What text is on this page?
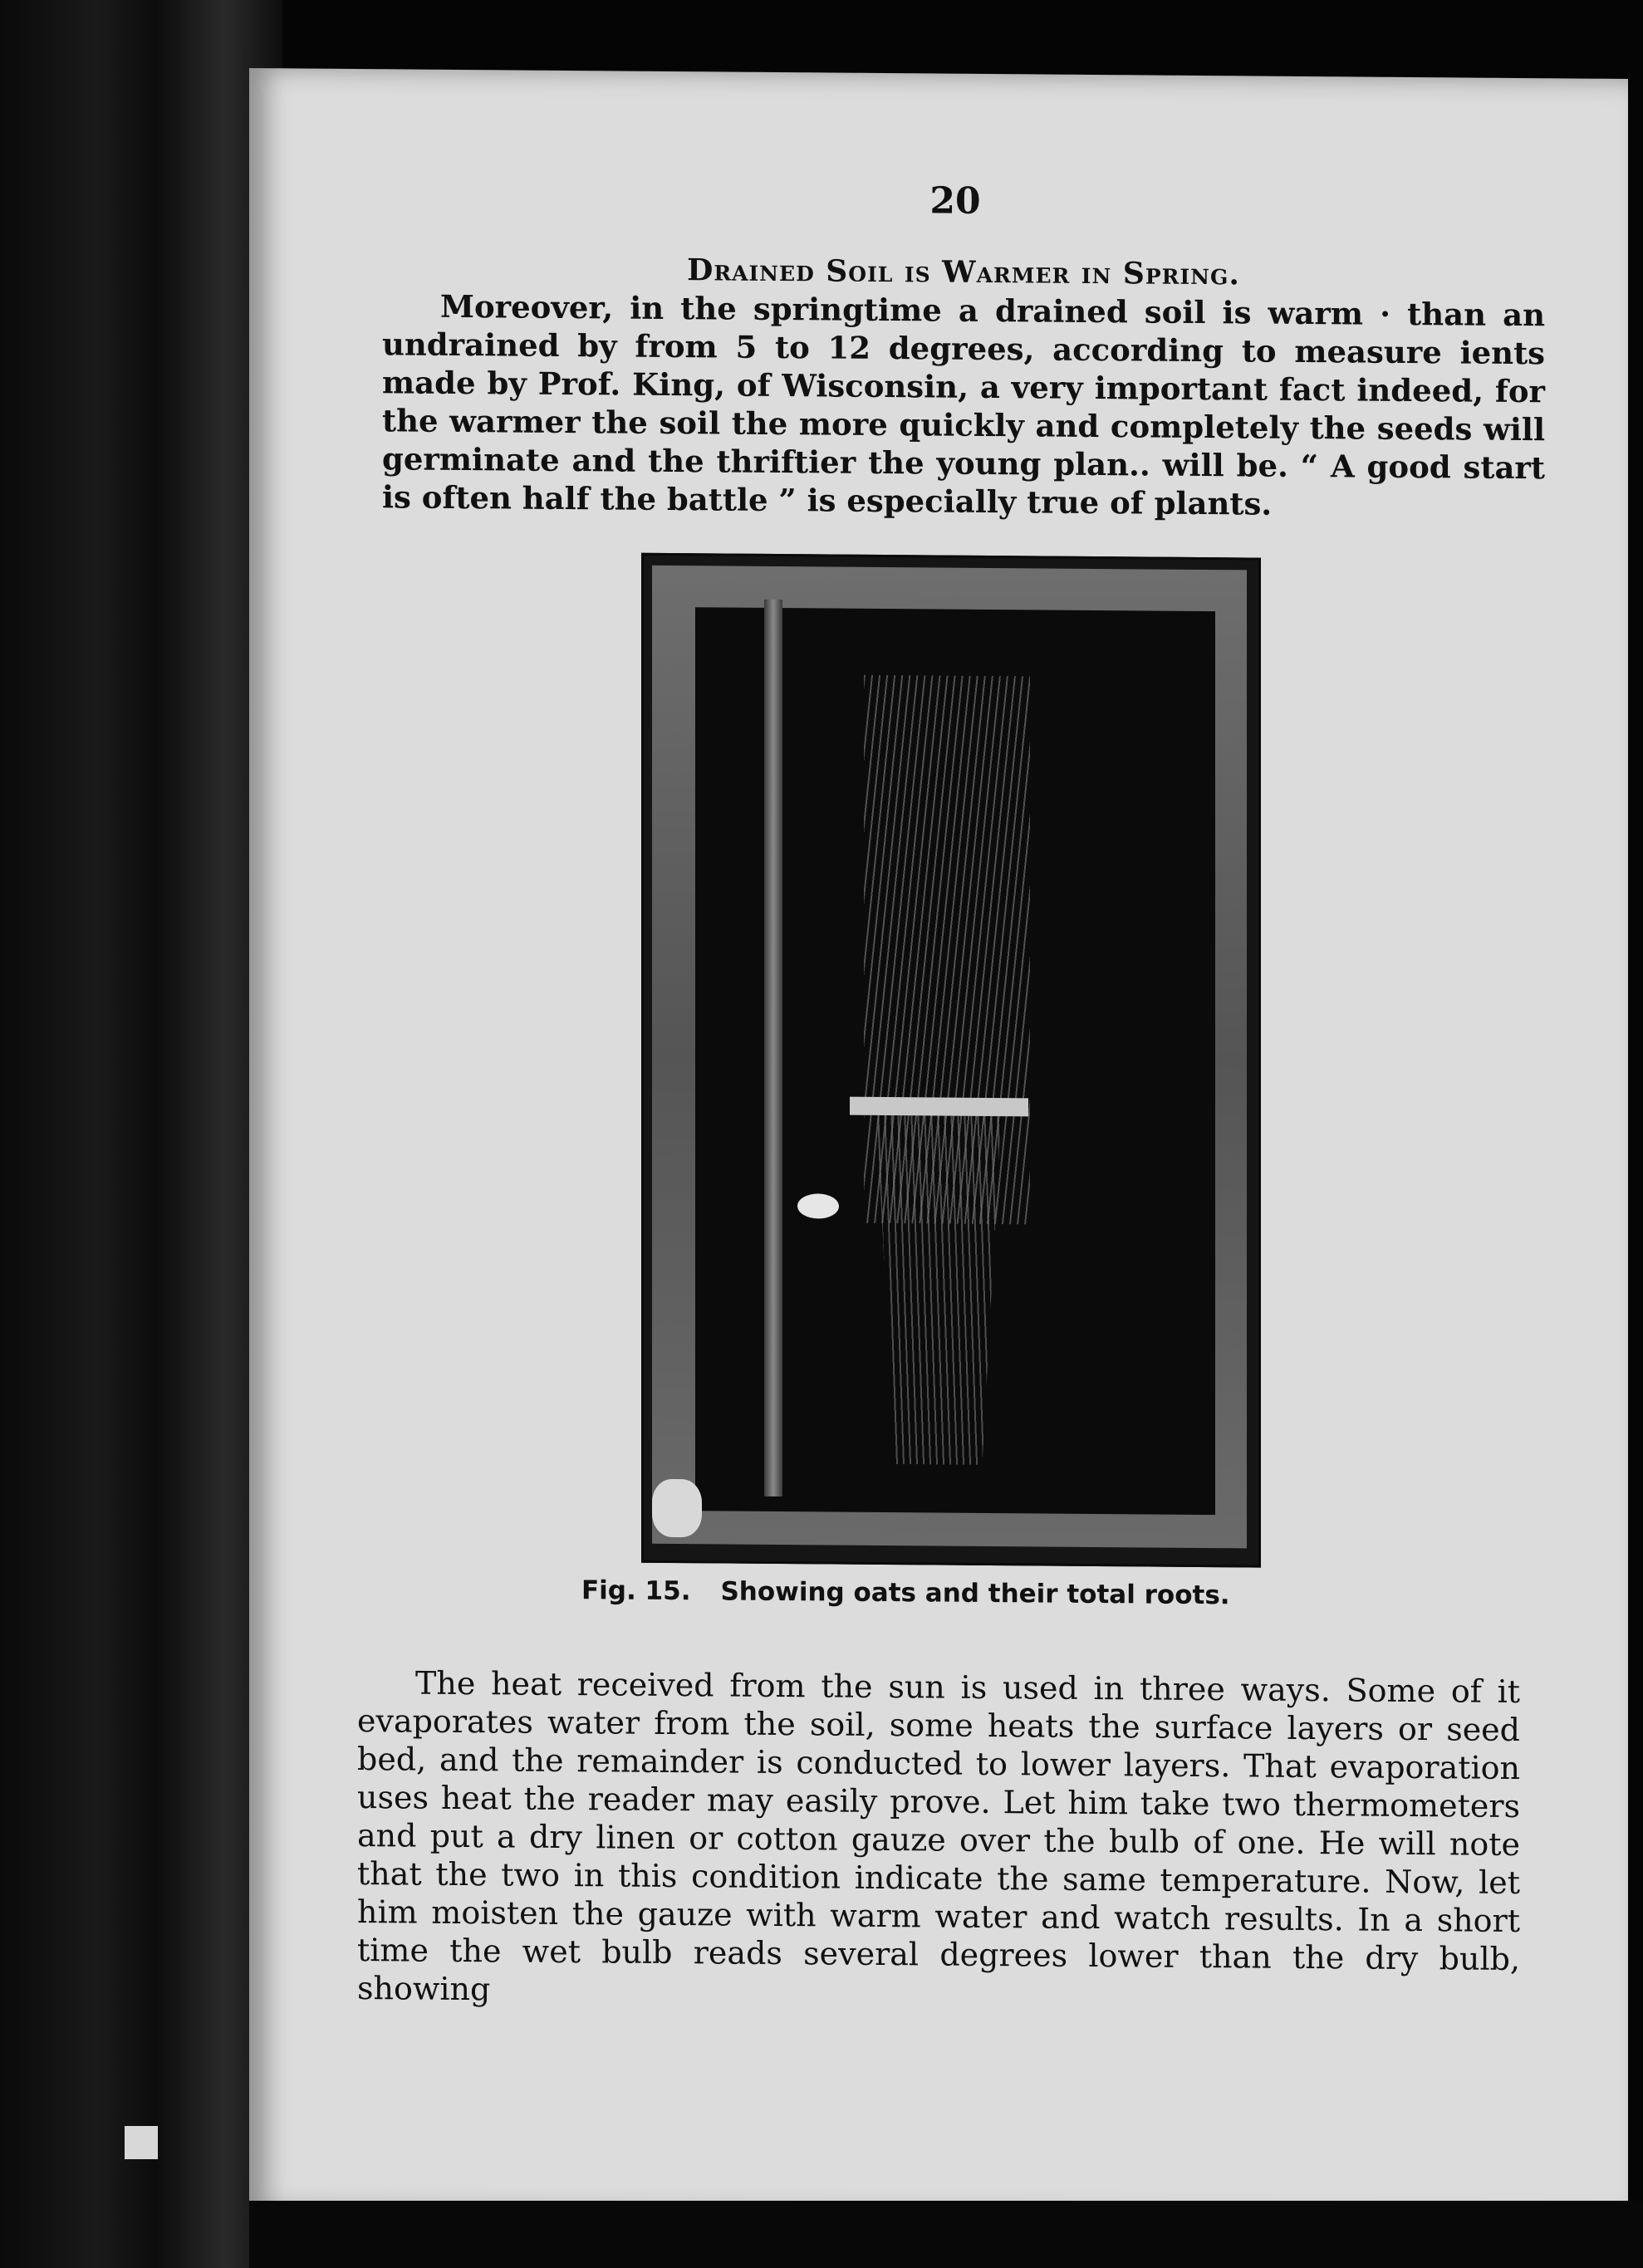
20
Drained Soil is Warmer in Spring.

Moreover, in the springtime a drained soil is warm · than an undrained by from 5 to 12 degrees, according to measure ients made by Prof. King, of Wisconsin, a very important fact indeed, for the warmer the soil the more quickly and completely the seeds will germinate and the thriftier the young plan.. will be. “ A good start is often half the battle ” is especially true of plants.

Fig. 15. Showing oats and their total roots.

The heat received from the sun is used in three ways. Some of it evaporates water from the soil, some heats the surface layers or seed bed, and the remainder is conducted to lower layers. That evaporation uses heat the reader may easily prove. Let him take two thermometers and put a dry linen or cotton gauze over the bulb of one. He will note that the two in this condition indicate the same temperature. Now, let him moisten the gauze with warm water and watch results. In a short time the wet bulb reads several degrees lower than the dry bulb, showing
